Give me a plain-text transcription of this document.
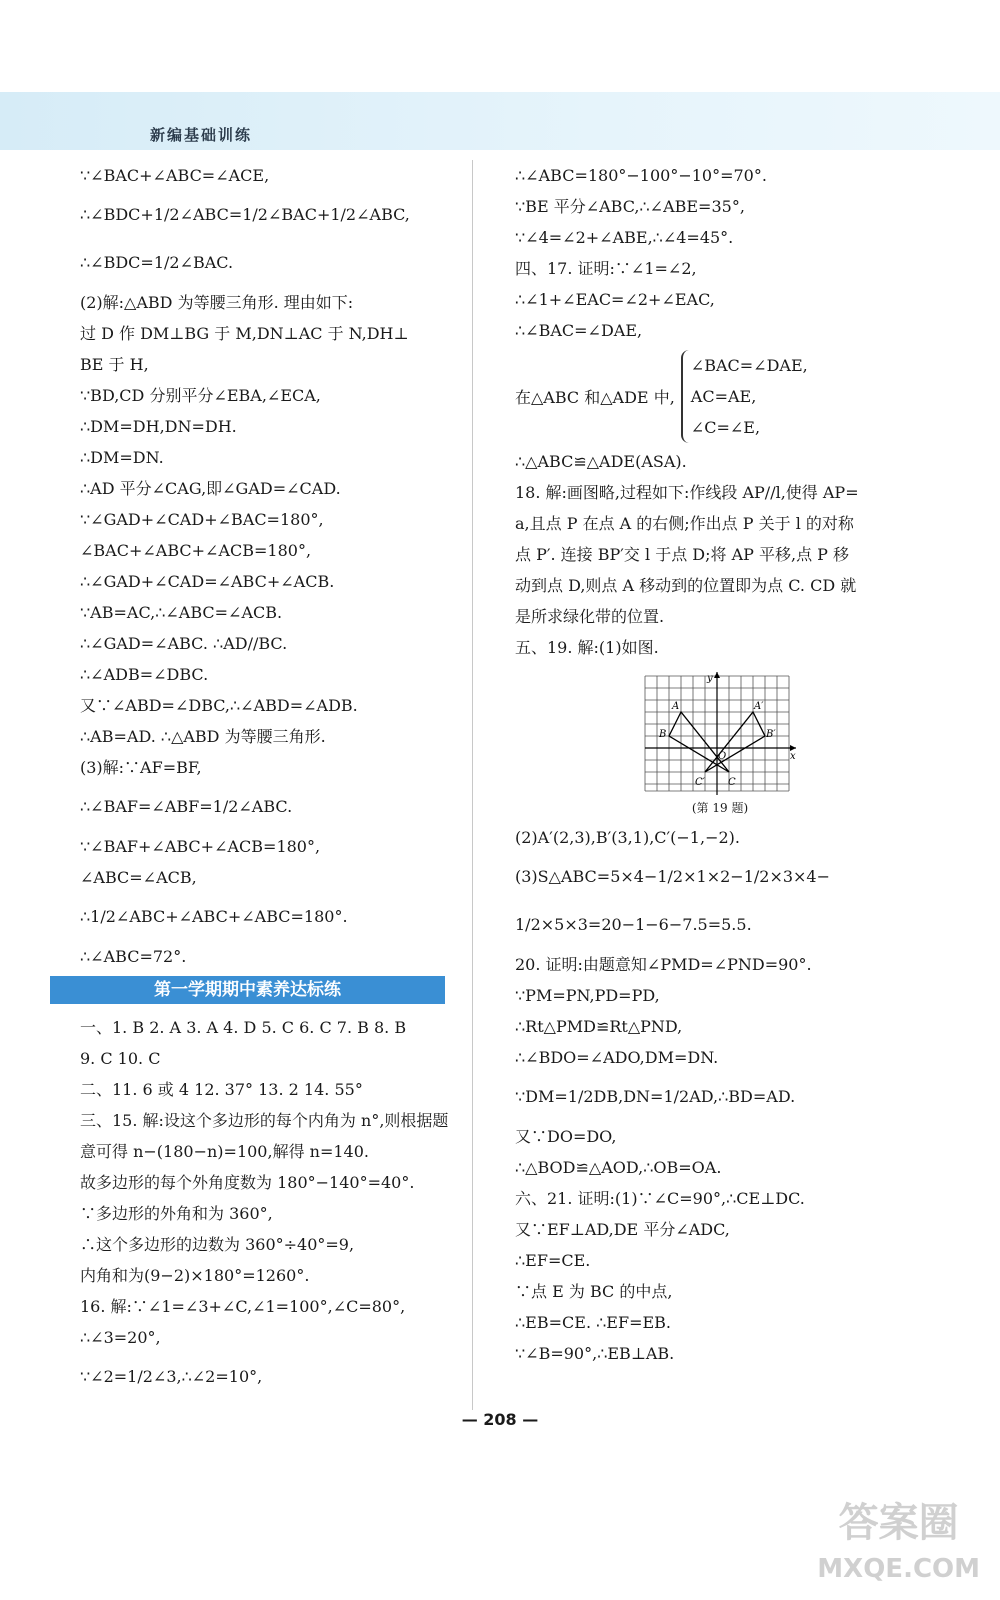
新编基础训练
∵∠BAC+∠ABC=∠ACE,
∴∠BDC+1/2∠ABC=1/2∠BAC+1/2∠ABC,
∴∠BDC=1/2∠BAC.
(2)解:△ABD 为等腰三角形. 理由如下:
过 D 作 DM⊥BG 于 M,DN⊥AC 于 N,DH⊥
BE 于 H,
∵BD,CD 分别平分∠EBA,∠ECA,
∴DM=DH,DN=DH.
∴DM=DN.
∴AD 平分∠CAG,即∠GAD=∠CAD.
∵∠GAD+∠CAD+∠BAC=180°,
∠BAC+∠ABC+∠ACB=180°,
∴∠GAD+∠CAD=∠ABC+∠ACB.
∵AB=AC,∴∠ABC=∠ACB.
∴∠GAD=∠ABC. ∴AD//BC.
∴∠ADB=∠DBC.
又∵∠ABD=∠DBC,∴∠ABD=∠ADB.
∴AB=AD. ∴△ABD 为等腰三角形.
(3)解:∵AF=BF,
∴∠BAF=∠ABF=1/2∠ABC.
∵∠BAF+∠ABC+∠ACB=180°,
∠ABC=∠ACB,
∴1/2∠ABC+∠ABC+∠ABC=180°.
∴∠ABC=72°.
第一学期期中素养达标练
一、1. B 2. A 3. A 4. D 5. C 6. C 7. B 8. B
9. C 10. C
二、11. 6 或 4 12. 37° 13. 2 14. 55°
三、15. 解:设这个多边形的每个内角为 n°,则根据题
意可得 n−(180−n)=100,解得 n=140.
故多边形的每个外角度数为 180°−140°=40°.
∵多边形的外角和为 360°,
∴这个多边形的边数为 360°÷40°=9,
内角和为(9−2)×180°=1260°.
16. 解:∵∠1=∠3+∠C,∠1=100°,∠C=80°,
∴∠3=20°,
∵∠2=1/2∠3,∴∠2=10°,
∴∠ABC=180°−100°−10°=70°.
∵BE 平分∠ABC,∴∠ABE=35°,
∵∠4=∠2+∠ABE,∴∠4=45°.
四、17. 证明:∵∠1=∠2,
∴∠1+∠EAC=∠2+∠EAC,
∴∠BAC=∠DAE,
在△ABC 和△ADE 中,
∠BAC=∠DAE,
AC=AE,
∠C=∠E,
∴△ABC≌△ADE(ASA).
18. 解:画图略,过程如下:作线段 AP//l,使得 AP=
a,且点 P 在点 A 的右侧;作出点 P 关于 l 的对称
点 P′. 连接 BP′交 l 于点 D;将 AP 平移,点 P 移
动到点 D,则点 A 移动到的位置即为点 C. CD 就
是所求绿化带的位置.
五、19. 解:(1)如图.
A
B
C
A′
B′
C′
O	x
y
(第 19 题)
(2)A′(2,3),B′(3,1),C′(−1,−2).
(3)S△ABC=5×4−1/2×1×2−1/2×3×4−
1/2×5×3=20−1−6−7.5=5.5.
20. 证明:由题意知∠PMD=∠PND=90°.
∵PM=PN,PD=PD,
∴Rt△PMD≌Rt△PND,
∴∠BDO=∠ADO,DM=DN.
∵DM=1/2DB,DN=1/2AD,∴BD=AD.
又∵DO=DO,
∴△BOD≌△AOD,∴OB=OA.
六、21. 证明:(1)∵∠C=90°,∴CE⊥DC.
又∵EF⊥AD,DE 平分∠ADC,
∴EF=CE.
∵点 E 为 BC 的中点,
∴EB=CE. ∴EF=EB.
∵∠B=90°,∴EB⊥AB.
— 208 —
答案圈
MXQE.COM
